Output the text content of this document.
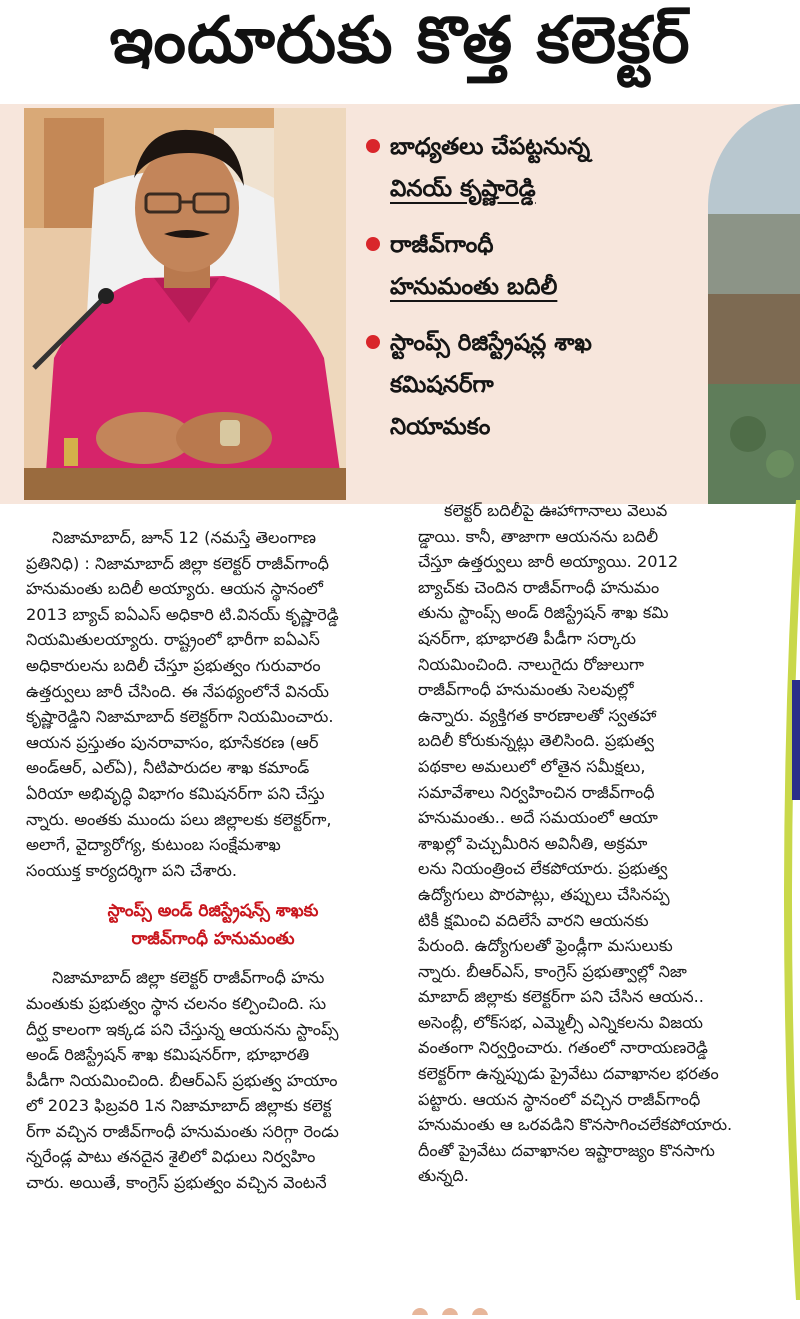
ఇందూరుకు కొత్త కలెక్టర్
బాధ్యతలు చేపట్టనున్న
వినయ్ కృష్ణారెడ్డి
రాజీవ్‌గాంధీ
హనుమంతు బదిలీ
స్టాంప్స్ రిజిస్ట్రేషన్ల శాఖ
కమిషనర్‌గా
నియామకం
నిజామాబాద్, జూన్ 12 (నమస్తే తెలంగాణ
ప్రతినిధి) : నిజామాబాద్ జిల్లా కలెక్టర్ రాజీవ్‌గాంధీ
హనుమంతు బదిలీ అయ్యారు. ఆయన స్థానంలో
2013 బ్యాచ్ ఐఏఎస్ అధికారి టి.వినయ్ కృష్ణారెడ్డి
నియమితులయ్యారు. రాష్ట్రంలో భారీగా ఐఏఎస్
అధికారులను బదిలీ చేస్తూ ప్రభుత్వం గురువారం
ఉత్తర్వులు జారీ చేసింది. ఈ నేపథ్యంలోనే వినయ్
కృష్ణారెడ్డిని నిజామాబాద్ కలెక్టర్‌గా నియమించారు.
ఆయన ప్రస్తుతం పునరావాసం, భూసేకరణ (ఆర్
అండ్‌ఆర్, ఎల్‌ఏ), నీటిపారుదల శాఖ కమాండ్
ఏరియా అభివృద్ధి విభాగం కమిషనర్‌గా పని చేస్తు
న్నారు. అంతకు ముందు పలు జిల్లాలకు కలెక్టర్‌గా,
అలాగే, వైద్యారోగ్య, కుటుంబ సంక్షేమశాఖ
సంయుక్త కార్యదర్శిగా పని చేశారు.
స్టాంప్స్ అండ్ రిజిస్ట్రేషన్స్ శాఖకు
రాజీవ్‌గాంధీ హనుమంతు
నిజామాబాద్ జిల్లా కలెక్టర్ రాజీవ్‌గాంధీ హను
మంతుకు ప్రభుత్వం స్థాన చలనం కల్పించింది. సు
దీర్ఘ కాలంగా ఇక్కడ పని చేస్తున్న ఆయనను స్టాంప్స్
అండ్ రిజిస్ట్రేషన్ శాఖ కమిషనర్‌గా, భూభారతి
పీడీగా నియమించింది. బీఆర్‌ఎస్ ప్రభుత్వ హయాం
లో 2023 ఫిబ్రవరి 1న నిజామాబాద్ జిల్లాకు కలెక్ట
ర్‌గా వచ్చిన రాజీవ్‌గాంధీ హనుమంతు సరిగ్గా రెండు
న్నరేండ్ల పాటు తనదైన శైలిలో విధులు నిర్వహిం
చారు. అయితే, కాంగ్రెస్ ప్రభుత్వం వచ్చిన వెంటనే
కలెక్టర్ బదిలీపై ఊహాగానాలు వెలువ
డ్డాయి. కానీ, తాజాగా ఆయనను బదిలీ
చేస్తూ ఉత్తర్వులు జారీ అయ్యాయి. 2012
బ్యాచ్‌కు చెందిన రాజీవ్‌గాంధీ హనుమం
తును స్టాంప్స్ అండ్ రిజిస్ట్రేషన్ శాఖ కమి
షనర్‌గా, భూభారతి పీడీగా సర్కారు
నియమించింది. నాలుగైదు రోజులుగా
రాజీవ్‌గాంధీ హనుమంతు సెలవుల్లో
ఉన్నారు. వ్యక్తిగత కారణాలతో స్వతహా
బదిలీ కోరుకున్నట్లు తెలిసింది. ప్రభుత్వ
పథకాల అమలులో లోతైన సమీక్షలు,
సమావేశాలు నిర్వహించిన రాజీవ్‌గాంధీ
హనుమంతు.. అదే సమయంలో ఆయా
శాఖల్లో పెచ్చుమీరిన అవినీతి, అక్రమా
లను నియంత్రించ లేకపోయారు. ప్రభుత్వ
ఉద్యోగులు పొరపాట్లు, తప్పులు చేసినప్ప
టికీ క్షమించి వదిలేసే వారని ఆయనకు
పేరుంది. ఉద్యోగులతో ఫ్రెండ్లీగా మసులుకు
న్నారు. బీఆర్‌ఎస్, కాంగ్రెస్ ప్రభుత్వాల్లో నిజా
మాబాద్ జిల్లాకు కలెక్టర్‌గా పని చేసిన ఆయన..
అసెంబ్లీ, లోక్‌సభ, ఎమ్మెల్సీ ఎన్నికలను విజయ
వంతంగా నిర్వర్తించారు. గతంలో నారాయణరెడ్డి
కలెక్టర్‌గా ఉన్నప్పుడు ప్రైవేటు దవాఖానల భరతం
పట్టారు. ఆయన స్థానంలో వచ్చిన రాజీవ్‌గాంధీ
హనుమంతు ఆ ఒరవడిని కొనసాగించలేకపోయారు.
దీంతో ప్రైవేటు దవాఖానల ఇష్టారాజ్యం కొనసాగు
తున్నది.
